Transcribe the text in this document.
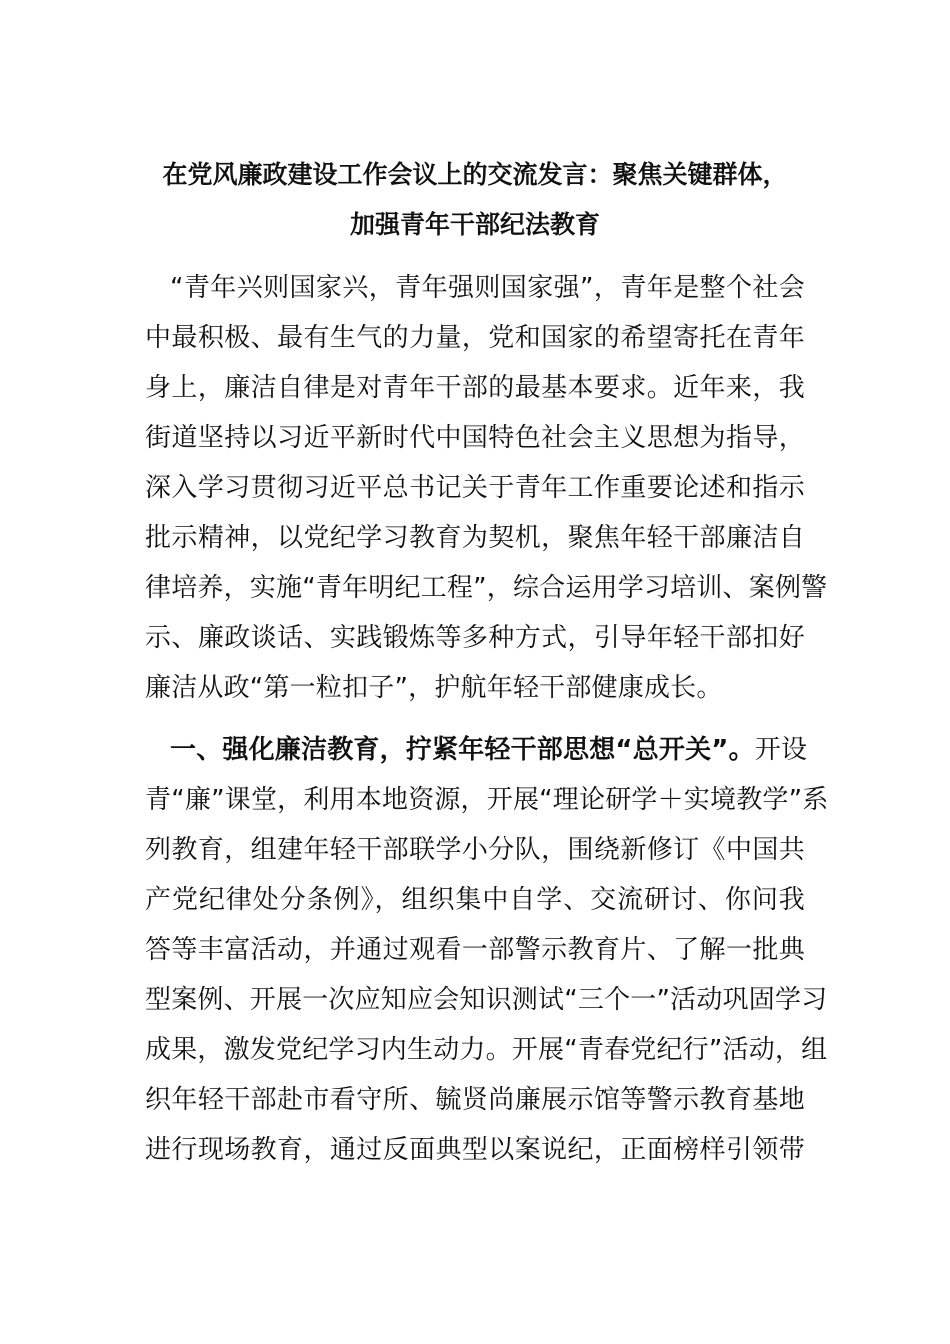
在党风廉政建设工作会议上的交流发言：聚焦关键群体，
加强青年干部纪法教育
“青年兴则国家兴，青年强则国家强”，青年是整个社会
中最积极、最有生气的力量，党和国家的希望寄托在青年
身上，廉洁自律是对青年干部的最基本要求。近年来，我
街道坚持以习近平新时代中国特色社会主义思想为指导，
深入学习贯彻习近平总书记关于青年工作重要论述和指示
批示精神，以党纪学习教育为契机，聚焦年轻干部廉洁自
律培养，实施“青年明纪工程”，综合运用学习培训、案例警
示、廉政谈话、实践锻炼等多种方式，引导年轻干部扣好
廉洁从政“第一粒扣子”，护航年轻干部健康成长。
一、强化廉洁教育，拧紧年轻干部思想“总开关”。开设
青“廉”课堂，利用本地资源，开展“理论研学＋实境教学”系
列教育，组建年轻干部联学小分队，围绕新修订《中国共
产党纪律处分条例》，组织集中自学、交流研讨、你问我
答等丰富活动，并通过观看一部警示教育片、了解一批典
型案例、开展一次应知应会知识测试“三个一”活动巩固学习
成果，激发党纪学习内生动力。开展“青春党纪行”活动，组
织年轻干部赴市看守所、毓贤尚廉展示馆等警示教育基地
进行现场教育，通过反面典型以案说纪，正面榜样引领带
